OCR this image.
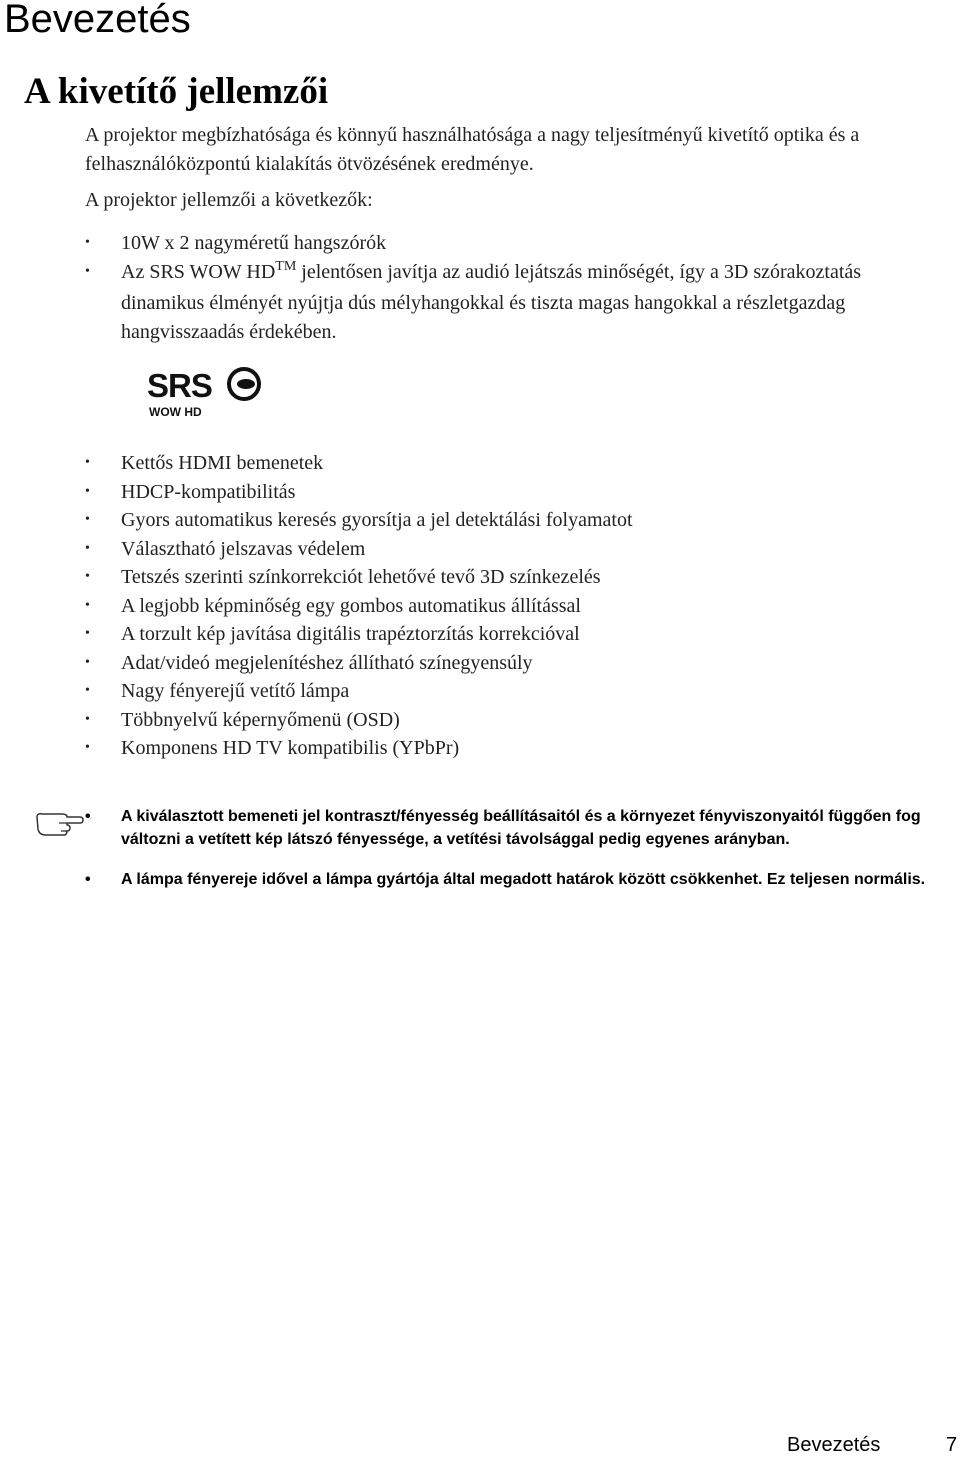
Bevezetés
A kivetítő jellemzői

A projektor megbízhatósága és könnyű használhatósága a nagy teljesítményű kivetítő optika és a felhasználóközpontú kialakítás ötvözésének eredménye.

A projektor jellemzői a következők:

• 10W x 2 nagyméretű hangszórók
• Az SRS WOW HD™ jelentősen javítja az audió lejátszás minőségét, így a 3D szórakoztatás dinamikus élményét nyújtja dús mélyhangokkal és tiszta magas hangokkal a részletgazdag hangvisszaadás érdekében.
SRS
WOW HD
• Kettős HDMI bemenetek
• HDCP-kompatibilitás
• Gyors automatikus keresés gyorsítja a jel detektálási folyamatot
• Választható jelszavas védelem
• Tetszés szerinti színkorrekciót lehetővé tevő 3D színkezelés
• A legjobb képminőség egy gombos automatikus állítással
• A torzult kép javítása digitális trapéztorzítás korrekcióval
• Adat/videó megjelenítéshez állítható színegyensúly
• Nagy fényerejű vetítő lámpa
• Többnyelvű képernyőmenü (OSD)
• Komponens HD TV kompatibilis (YPbPr)
• A kiválasztott bemeneti jel kontraszt/fényesség beállításaitól és a környezet fényviszonyaitól függően fog változni a vetített kép látszó fényessége, a vetítési távolsággal pedig egyenes arányban.
• A lámpa fényereje idővel a lámpa gyártója által megadott határok között csökkenhet. Ez teljesen normális.
Bevezetés	7
